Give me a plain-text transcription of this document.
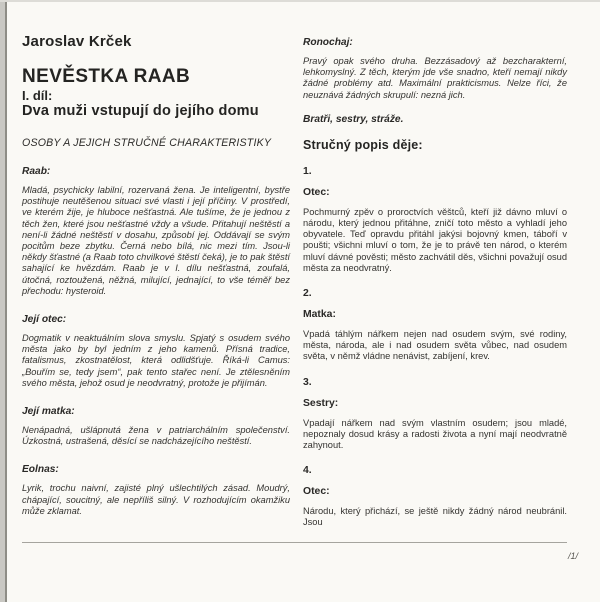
Jaroslav Krček
NEVĚSTKA RAAB
I. díl:
Dva muži vstupují do jejího domu
OSOBY A JEJICH STRUČNÉ CHARAKTERISTIKY
Raab:

Mladá, psychicky labilní, rozervaná žena. Je inteligentní, bystře postihuje neutěšenou situaci své vlasti i její příčiny. V prostředí, ve kterém žije, je hluboce nešťastná. Ale tušíme, že je jednou z těch žen, které jsou nešťastné vždy a všude. Přitahují neštěstí a není-li žádné neštěstí v dosahu, způsobí jej. Oddávají se svým pocitům beze zbytku. Černá nebo bílá, nic mezi tím. Jsou-li někdy šťastné (a Raab toto chvilkové štěstí čeká), je to pak štěstí sahající ke hvězdám. Raab je v I. dílu nešťastná, zoufalá, útočná, roztoužená, něžná, milující, jednající, to vše téměř bez přechodu: hysteroid.

Její otec:

Dogmatik v neaktuálním slova smyslu. Spjatý s osudem svého města jako by byl jedním z jeho kamenů. Přísná tradice, fatalismus, zkostnatělost, která odlidšťuje. Říká-li Camus: „Bouřím se, tedy jsem“, pak tento stařec není. Je ztělesněním svého města, jehož osud je neodvratný, protože je přijímán.

Její matka:

Nenápadná, ušlápnutá žena v patriarchálním společenství. Úzkostná, ustrašená, děsící se nadcházejícího neštěstí.

Eolnas:

Lyrik, trochu naivní, zajisté plný ušlechtilých zásad. Moudrý, chápající, soucitný, ale nepříliš silný. V rozhodujícím okamžiku může zklamat.

Ronochaj:

Pravý opak svého druha. Bezzásadový až bezcharakterní, lehkomyslný. Z těch, kterým jde vše snadno, kteří nemají nikdy žádné problémy atd. Maximální prakticismus. Nelze říci, že neuznává žádných skrupulí: nezná jich.

Bratři, sestry, stráže.
Stručný popis děje:
1.
Otec:

Pochmurný zpěv o proroctvích věštců, kteří již dávno mluví o národu, který jednou přitáhne, zničí toto město a vyhladí jeho obyvatele. Teď opravdu přitáhl jakýsi bojovný kmen, táboří v poušti; všichni mluví o tom, že je to právě ten národ, o kterém mluví dávné pověsti; město zachvátil děs, všichni považují osud města za neodvratný.

2.
Matka:

Vpadá táhlým nářkem nejen nad osudem svým, své rodiny, města, národa, ale i nad osudem světa vůbec, nad osudem světa, v němž vládne nenávist, zabíjení, krev.

3.
Sestry:

Vpadají nářkem nad svým vlastním osudem; jsou mladé, nepoznaly dosud krásy a radosti života a nyní mají neodvratně zahynout.

4.
Otec:

Národu, který přichází, se ještě nikdy žádný národ neubránil. Jsou

/1/
